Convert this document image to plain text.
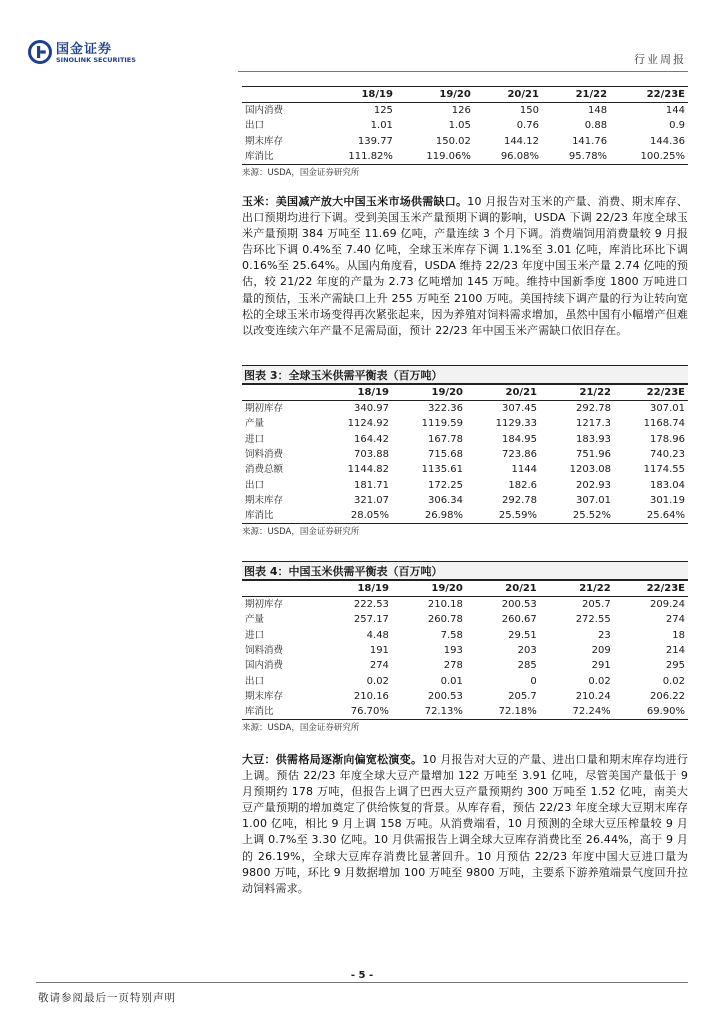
国金证券
SINOLINK SECURITIES	行业周报
	18/19	19/20	20/21	21/22	22/23E
国内消费	125	126	150	148	144
出口	1.01	1.05	0.76	0.88	0.9
期末库存	139.77	150.02	144.12	141.76	144.36
库消比	111.82%	119.06%	96.08%	95.78%	100.25%
来源：USDA，国金证券研究所
玉米：美国减产放大中国玉米市场供需缺口。10 月报告对玉米的产量、消费、期末库存、出口预期均进行下调。受到美国玉米产量预期下调的影响，USDA 下调 22/23 年度全球玉米产量预期 384 万吨至 11.69 亿吨，产量连续 3 个月下调。消费端饲用消费量较 9 月报告环比下调 0.4%至 7.40 亿吨，全球玉米库存下调 1.1%至 3.01 亿吨，库消比环比下调 0.16%至 25.64%。从国内角度看，USDA 维持 22/23 年度中国玉米产量 2.74 亿吨的预估，较 21/22 年度的产量为 2.73 亿吨增加 145 万吨。维持中国新季度 1800 万吨进口量的预估，玉米产需缺口上升 255 万吨至 2100 万吨。美国持续下调产量的行为让转向宽松的全球玉米市场变得再次紧张起来，因为养殖对饲料需求增加，虽然中国有小幅增产但难以改变连续六年产量不足需局面，预计 22/23 年中国玉米产需缺口依旧存在。
图表 3：全球玉米供需平衡表（百万吨）
	18/19	19/20	20/21	21/22	22/23E
期初库存	340.97	322.36	307.45	292.78	307.01
产量	1124.92	1119.59	1129.33	1217.3	1168.74
进口	164.42	167.78	184.95	183.93	178.96
饲料消费	703.88	715.68	723.86	751.96	740.23
消费总额	1144.82	1135.61	1144	1203.08	1174.55
出口	181.71	172.25	182.6	202.93	183.04
期末库存	321.07	306.34	292.78	307.01	301.19
库消比	28.05%	26.98%	25.59%	25.52%	25.64%
来源：USDA，国金证券研究所
图表 4：中国玉米供需平衡表（百万吨）
	18/19	19/20	20/21	21/22	22/23E
期初库存	222.53	210.18	200.53	205.7	209.24
产量	257.17	260.78	260.67	272.55	274
进口	4.48	7.58	29.51	23	18
饲料消费	191	193	203	209	214
国内消费	274	278	285	291	295
出口	0.02	0.01	0	0.02	0.02
期末库存	210.16	200.53	205.7	210.24	206.22
库消比	76.70%	72.13%	72.18%	72.24%	69.90%
来源：USDA，国金证券研究所
大豆：供需格局逐渐向偏宽松演变。10 月报告对大豆的产量、进出口量和期末库存均进行上调。预估 22/23 年度全球大豆产量增加 122 万吨至 3.91 亿吨，尽管美国产量低于 9 月预期约 178 万吨，但报告上调了巴西大豆产量预期约 300 万吨至 1.52 亿吨，南美大豆产量预期的增加奠定了供给恢复的背景。从库存看，预估 22/23 年度全球大豆期末库存 1.00 亿吨，相比 9 月上调 158 万吨。从消费端看，10 月预测的全球大豆压榨量较 9 月上调 0.7%至 3.30 亿吨。10 月供需报告上调全球大豆库存消费比至 26.44%，高于 9 月的 26.19%，全球大豆库存消费比显著回升。10 月预估 22/23 年度中国大豆进口量为 9800 万吨，环比 9 月数据增加 100 万吨至 9800 万吨，主要系下游养殖端景气度回升拉动饲料需求。
- 5 -
敬请参阅最后一页特别声明
